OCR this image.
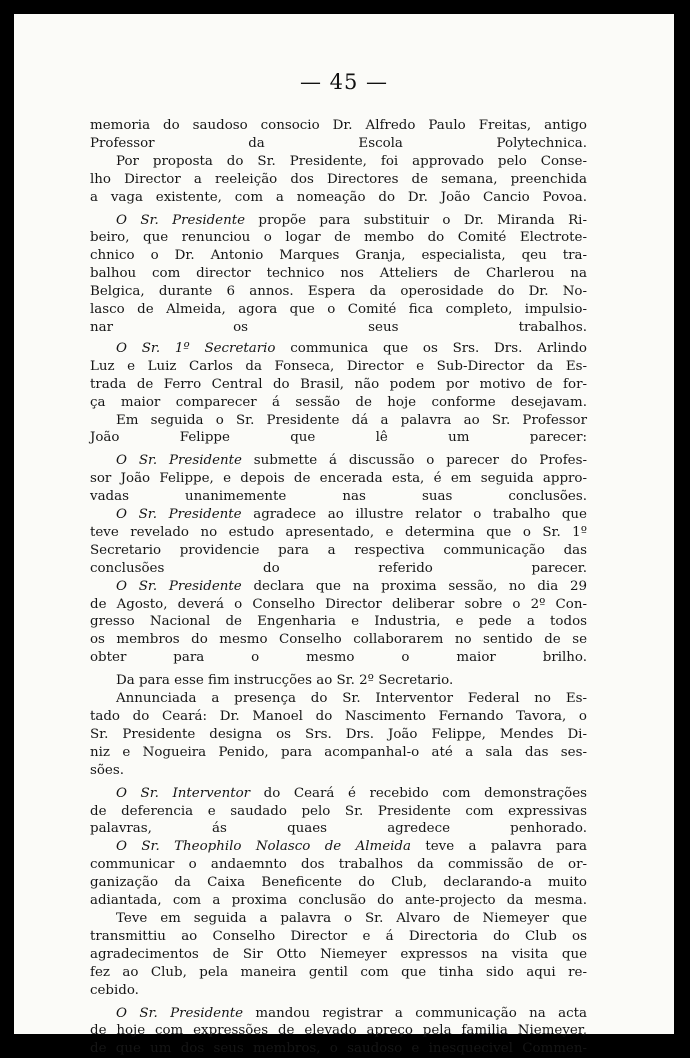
— 45 —

memoria do saudoso consocio Dr. Alfredo Paulo Freitas, antigo
Professor da Escola Polytechnica.

Por proposta do Sr. Presidente, foi approvado pelo Conse-
lho Director a reeleição dos Directores de semana, preenchida
a vaga existente, com a nomeação do Dr. João Cancio Povoa.

O Sr. Presidente propõe para substituir o Dr. Miranda Ri-
beiro, que renunciou o logar de membo do Comité Electrote-
chnico o Dr. Antonio Marques Granja, especialista, qeu tra-
balhou com director technico nos Atteliers de Charlerou na
Belgica, durante 6 annos. Espera da operosidade do Dr. No-
lasco de Almeida, agora que o Comité fica completo, impulsio-
nar os seus trabalhos.

O Sr. 1º Secretario communica que os Srs. Drs. Arlindo
Luz e Luiz Carlos da Fonseca, Director e Sub-Director da Es-
trada de Ferro Central do Brasil, não podem por motivo de for-
ça maior comparecer á sessão de hoje conforme desejavam.

Em seguida o Sr. Presidente dá a palavra ao Sr. Professor
João Felippe que lê um parecer:

O Sr. Presidente submette á discussão o parecer do Profes-
sor João Felippe, e depois de encerada esta, é em seguida appro-
vadas unanimemente nas suas conclusões.

O Sr. Presidente agradece ao illustre relator o trabalho que
teve revelado no estudo apresentado, e determina que o Sr. 1º
Secretario providencie para a respectiva communicação das
conclusões do referido parecer.

O Sr. Presidente declara que na proxima sessão, no dia 29
de Agosto, deverá o Conselho Director deliberar sobre o 2º Con-
gresso Nacional de Engenharia e Industria, e pede a todos
os membros do mesmo Conselho collaborarem no sentido de se
obter para o mesmo o maior brilho.

Da para esse fim instrucções ao Sr. 2º Secretario.

Annunciada a presença do Sr. Interventor Federal no Es-
tado do Ceará: Dr. Manoel do Nascimento Fernando Tavora, o
Sr. Presidente designa os Srs. Drs. João Felippe, Mendes Di-
niz e Nogueira Penido, para acompanhal-o até a sala das ses-
sões.

O Sr. Interventor do Ceará é recebido com demonstrações
de deferencia e saudado pelo Sr. Presidente com expressivas
palavras, ás quaes agredece penhorado.

O Sr. Theophilo Nolasco de Almeida teve a palavra para
communicar o andaemnto dos trabalhos da commissão de or-
ganização da Caixa Beneficente do Club, declarando-a muito
adiantada, com a proxima conclusão do ante-projecto da mesma.

Teve em seguida a palavra o Sr. Alvaro de Niemeyer que
transmittiu ao Conselho Director e á Directoria do Club os
agradecimentos de Sir Otto Niemeyer expressos na visita que
fez ao Club, pela maneira gentil com que tinha sido aqui re-
cebido.

O Sr. Presidente mandou registrar a communicação na acta
de hoje com expressões de elevado apreço pela familia Niemeyer,
de que um dos seus membros, o saudoso e inesquecivel Commen-
